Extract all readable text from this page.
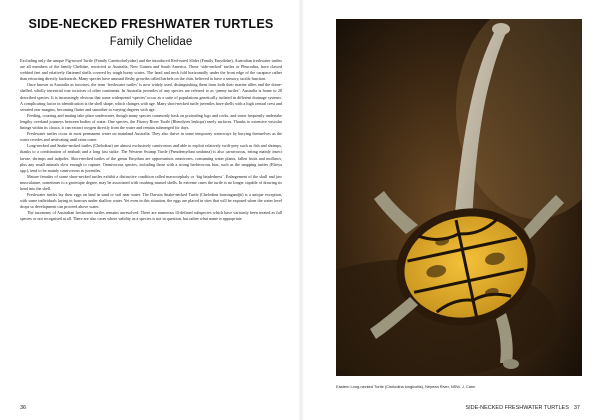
SIDE-NECKED FRESHWATER TURTLES
Family Chelidae

Excluding only the unique Pig-nosed Turtle (Family Carettochelyidae) and the introduced Red-eared Slider (Family Emydidae), Australian freshwater turtles are all members of the family Chelidae, restricted to Australia, New Guinea and South America. These ‘side-necked’ turtles or Pleurodira, have clawed webbed feet and relatively flattened shells covered by tough horny scutes. The head and neck fold horizontally under the front edge of the carapace rather than retracting directly backwards. Many species have unusual fleshy growths called barbels on the chin, believed to have a sensory, tactile function.

Once known in Australia as tortoises, the term ‘freshwater turtles’ is now widely used, distinguishing them from both their marine allies and the dome-shelled, wholly terrestrial true tortoises of other continents. In Australia juveniles of any species are referred to as ‘penny turtles’. Australia is home to 28 described species. It is increasingly obvious that some widespread ‘species’ occur as a suite of populations genetically isolated in different drainage systems. A complicating factor in identification is the shell shape, which changes with age. Many short-necked turtle juveniles have shells with a high central crest and serrated rear margins, becoming flatter and smoother to varying degrees with age.

Feeding, courting and mating take place underwater, though many species commonly bask on protruding logs and rocks, and some frequently undertake lengthy overland journeys between bodies of water. One species, the Fitzroy River Turtle (Rheodytes leukops) rarely surfaces. Thanks to extensive vascular linings within its cloaca, it can extract oxygen directly from the water and remain submerged for days.

Freshwater turtles occur in most permanent water on mainland Australia. They also thrive in some temporary waterways by burying themselves as the water recedes and aestivating until rains come.

Long-necked and Snake-necked turtles (Chelodina) are almost exclusively carnivorous and able to exploit relatively swift-prey such as fish and shrimps, thanks to a combination of ambush and a long fast strike. The Western Swamp Turtle (Pseudemydura umbrina) is also carnivorous, eating mainly insect larvae, shrimps and tadpoles. Short-necked turtles of the genus Emydura are opportunistic omnivores, consuming water plants, fallen fruits and molluscs, plus any small animals slow enough to capture. Omnivorous species, including those with a strong herbivorous bias, such as the snapping turtles (Elseya spp.), tend to be mainly carnivorous as juveniles.

Mature females of some short-necked turtles exhibit a distinctive condition called macrocephaly or ‘big headedness’. Enlargement of the skull and jaw musculature, sometimes to a grotesque degree, may be associated with crushing mussel shells. In extreme cases the turtle is no longer capable of drawing its head into the shell.

Freshwater turtles lay their eggs on land in sand or soil near water. The Darwin Snake-necked Turtle (Chelodina burrungandjii) is a unique exception, with some individuals laying in burrows under shallow water. Yet even in this situation, the eggs are placed in sites that will be exposed when the water level drops so development can proceed above water.

The taxonomy of Australian freshwater turtles remains unresolved. There are numerous ill-defined subspecies which have variously been treated as full species or not recognised at all. There are also cases where validity as a species is not in question, but rather what name is appropriate.

36
Eastern Long-necked Turtle (Chelodina longicollis), Nepean River, NSW. J. Cann
SIDE-NECKED FRESHWATER TURTLES 37
